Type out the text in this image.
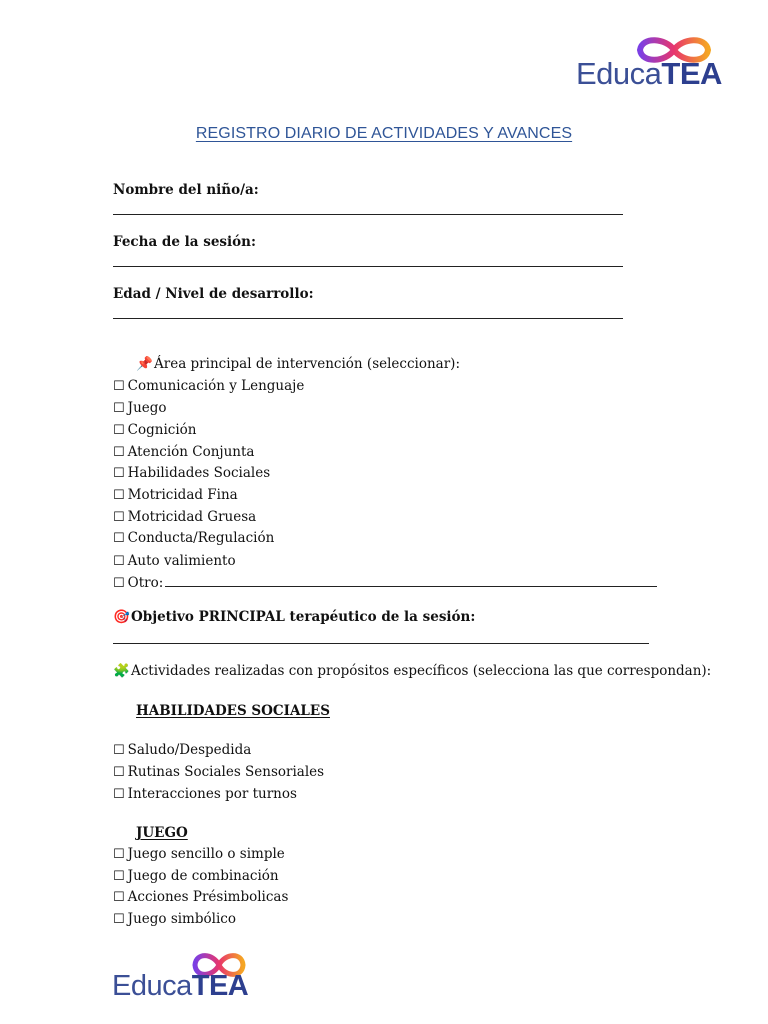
EducaTEA
REGISTRO DIARIO DE ACTIVIDADES Y AVANCES
Nombre del niño/a:
Fecha de la sesión:
Edad / Nivel de desarrollo:
📌Área principal de intervención (seleccionar):
☐ Comunicación y Lenguaje
☐ Juego
☐ Cognición
☐ Atención Conjunta
☐ Habilidades Sociales
☐ Motricidad Fina
☐ Motricidad Gruesa
☐ Conducta/Regulación
☐ Auto valimiento
☐ Otro:
🎯Objetivo PRINCIPAL terapéutico de la sesión:
🧩Actividades realizadas con propósitos específicos (selecciona las que correspondan):
HABILIDADES SOCIALES
☐ Saludo/Despedida
☐ Rutinas Sociales Sensoriales
☐ Interacciones por turnos
JUEGO
☐ Juego sencillo o simple
☐ Juego de combinación
☐ Acciones Présimbolicas
☐ Juego simbólico
EducaTEA
